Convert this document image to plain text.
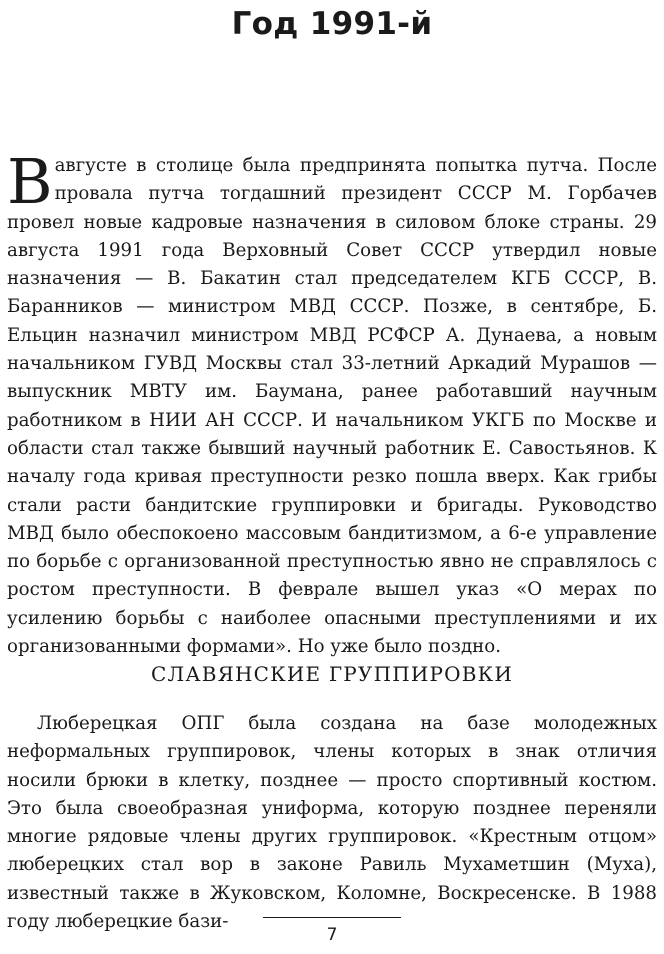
Год 1991-й

В августе в столице была предпринята попытка путча. После провала путча тогдашний президент СССР М. Горбачев провел новые кадровые назначения в силовом блоке страны. 29 августа 1991 года Верховный Совет СССР утвердил новые назначения — В. Бакатин стал председателем КГБ СССР, В. Баранников — министром МВД СССР. Позже, в сентябре, Б. Ельцин назначил министром МВД РСФСР А. Дунаева, а новым начальником ГУВД Москвы стал 33-летний Аркадий Мурашов — выпускник МВТУ им. Баумана, ранее работавший научным работником в НИИ АН СССР. И начальником УКГБ по Москве и области стал также бывший научный работник Е. Савостьянов. К началу года кривая преступности резко пошла вверх. Как грибы стали расти бандитские группировки и бригады. Руководство МВД было обеспокоено массовым бандитизмом, а 6-е управление по борьбе с организованной преступностью явно не справлялось с ростом преступности. В феврале вышел указ «О мерах по усилению борьбы с наиболее опасными преступлениями и их организованными формами». Но уже было поздно.

СЛАВЯНСКИЕ ГРУППИРОВКИ

Люберецкая ОПГ была создана на базе молодежных неформальных группировок, члены которых в знак отличия носили брюки в клетку, позднее — просто спортивный костюм. Это была своеобразная униформа, которую позднее переняли многие рядовые члены других группировок. «Крестным отцом» люберецких стал вор в законе Равиль Мухаметшин (Муха), известный также в Жуковском, Коломне, Воскресенске. В 1988 году люберецкие бази-

7
